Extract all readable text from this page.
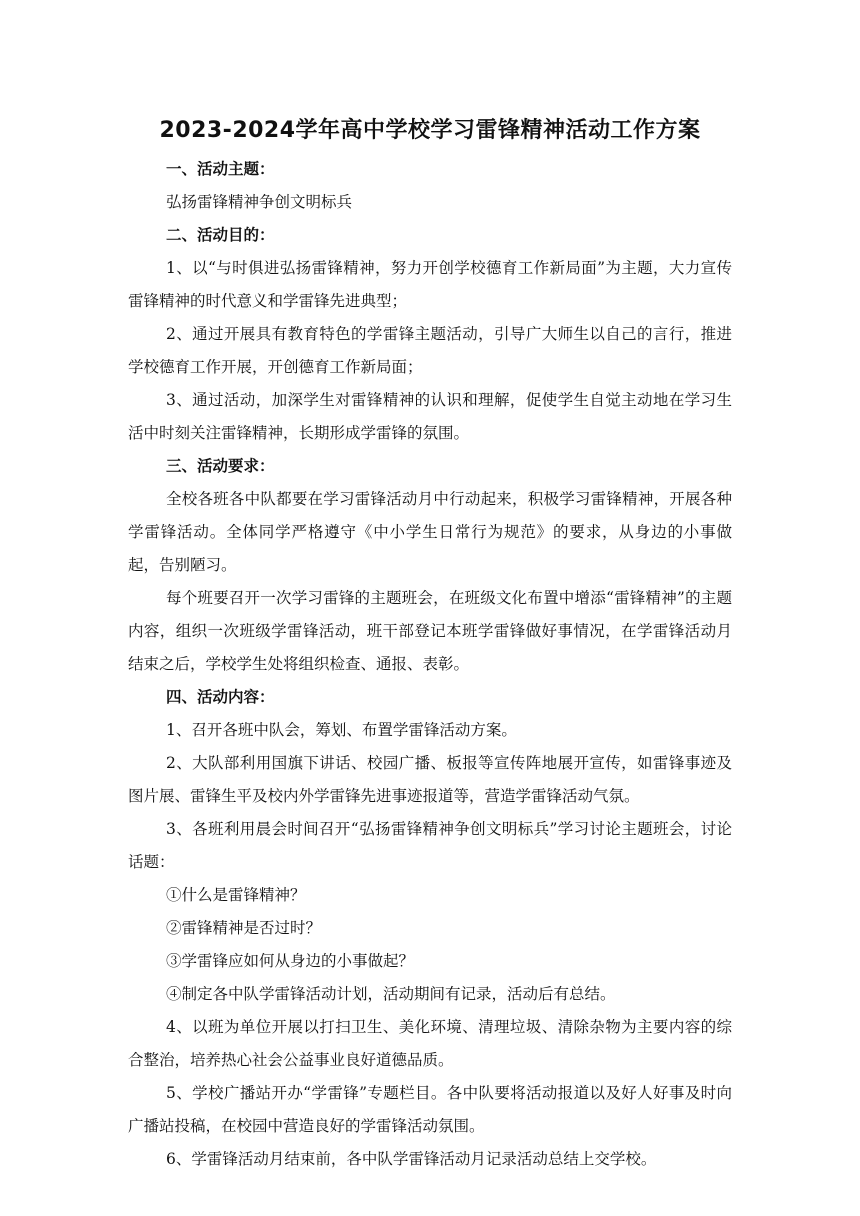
2023-2024学年高中学校学习雷锋精神活动工作方案

一、活动主题：

弘扬雷锋精神争创文明标兵

二、活动目的：

1、以“与时俱进弘扬雷锋精神，努力开创学校德育工作新局面”为主题，大力宣传雷锋精神的时代意义和学雷锋先进典型；

2、通过开展具有教育特色的学雷锋主题活动，引导广大师生以自己的言行，推进学校德育工作开展，开创德育工作新局面；

3、通过活动，加深学生对雷锋精神的认识和理解，促使学生自觉主动地在学习生活中时刻关注雷锋精神，长期形成学雷锋的氛围。

三、活动要求：

全校各班各中队都要在学习雷锋活动月中行动起来，积极学习雷锋精神，开展各种学雷锋活动。全体同学严格遵守《中小学生日常行为规范》的要求，从身边的小事做起，告别陋习。

每个班要召开一次学习雷锋的主题班会，在班级文化布置中增添“雷锋精神”的主题内容，组织一次班级学雷锋活动，班干部登记本班学雷锋做好事情况，在学雷锋活动月结束之后，学校学生处将组织检查、通报、表彰。

四、活动内容：

1、召开各班中队会，筹划、布置学雷锋活动方案。

2、大队部利用国旗下讲话、校园广播、板报等宣传阵地展开宣传，如雷锋事迹及图片展、雷锋生平及校内外学雷锋先进事迹报道等，营造学雷锋活动气氛。

3、各班利用晨会时间召开“弘扬雷锋精神争创文明标兵”学习讨论主题班会，讨论话题：

①什么是雷锋精神？

②雷锋精神是否过时？

③学雷锋应如何从身边的小事做起？

④制定各中队学雷锋活动计划，活动期间有记录，活动后有总结。

4、以班为单位开展以打扫卫生、美化环境、清理垃圾、清除杂物为主要内容的综合整治，培养热心社会公益事业良好道德品质。

5、学校广播站开办“学雷锋”专题栏目。各中队要将活动报道以及好人好事及时向广播站投稿，在校园中营造良好的学雷锋活动氛围。

6、学雷锋活动月结束前，各中队学雷锋活动月记录活动总结上交学校。
